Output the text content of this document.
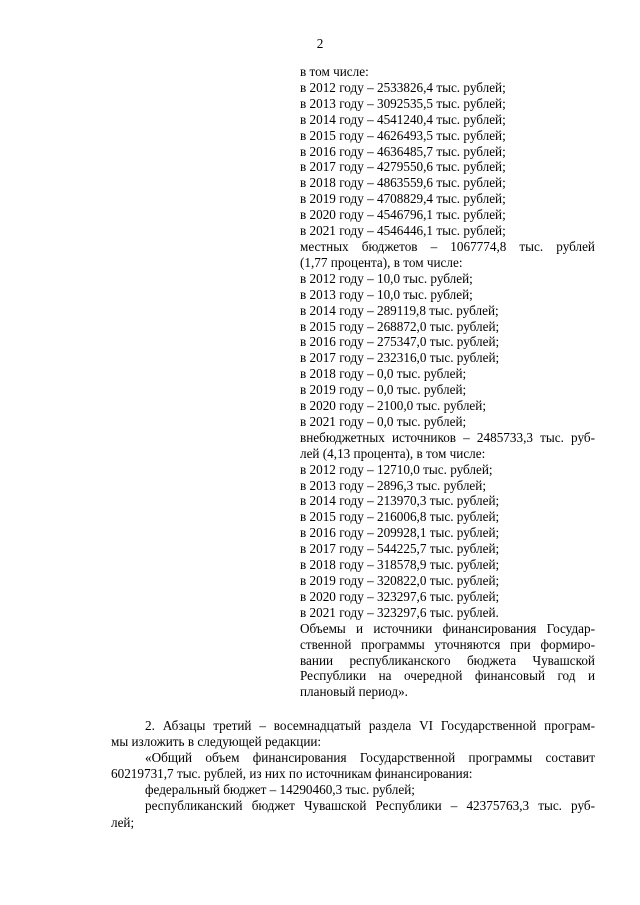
2
в том числе:
в 2012 году – 2533826,4 тыс. рублей;
в 2013 году – 3092535,5 тыс. рублей;
в 2014 году – 4541240,4 тыс. рублей;
в 2015 году – 4626493,5 тыс. рублей;
в 2016 году – 4636485,7 тыс. рублей;
в 2017 году – 4279550,6 тыс. рублей;
в 2018 году – 4863559,6 тыс. рублей;
в 2019 году – 4708829,4 тыс. рублей;
в 2020 году – 4546796,1 тыс. рублей;
в 2021 году – 4546446,1 тыс. рублей;
местных бюджетов – 1067774,8 тыс. рублей
(1,77 процента), в том числе:
в 2012 году – 10,0 тыс. рублей;
в 2013 году – 10,0 тыс. рублей;
в 2014 году – 289119,8 тыс. рублей;
в 2015 году – 268872,0 тыс. рублей;
в 2016 году – 275347,0 тыс. рублей;
в 2017 году – 232316,0 тыс. рублей;
в 2018 году – 0,0 тыс. рублей;
в 2019 году – 0,0 тыс. рублей;
в 2020 году – 2100,0 тыс. рублей;
в 2021 году – 0,0 тыс. рублей;
внебюджетных источников – 2485733,3 тыс. руб-
лей (4,13 процента), в том числе:
в 2012 году – 12710,0 тыс. рублей;
в 2013 году – 2896,3 тыс. рублей;
в 2014 году – 213970,3 тыс. рублей;
в 2015 году – 216006,8 тыс. рублей;
в 2016 году – 209928,1 тыс. рублей;
в 2017 году – 544225,7 тыс. рублей;
в 2018 году – 318578,9 тыс. рублей;
в 2019 году – 320822,0 тыс. рублей;
в 2020 году – 323297,6 тыс. рублей;
в 2021 году – 323297,6 тыс. рублей.
Объемы и источники финансирования Государ-
ственной программы уточняются при формиро-
вании республиканского бюджета Чувашской
Республики на очередной финансовый год и
плановый период».
2. Абзацы третий – восемнадцатый раздела VI Государственной програм-
мы изложить в следующей редакции:
«Общий объем финансирования Государственной программы составит
60219731,7 тыс. рублей, из них по источникам финансирования:
федеральный бюджет – 14290460,3 тыс. рублей;
республиканский бюджет Чувашской Республики – 42375763,3 тыс. руб-
лей;
